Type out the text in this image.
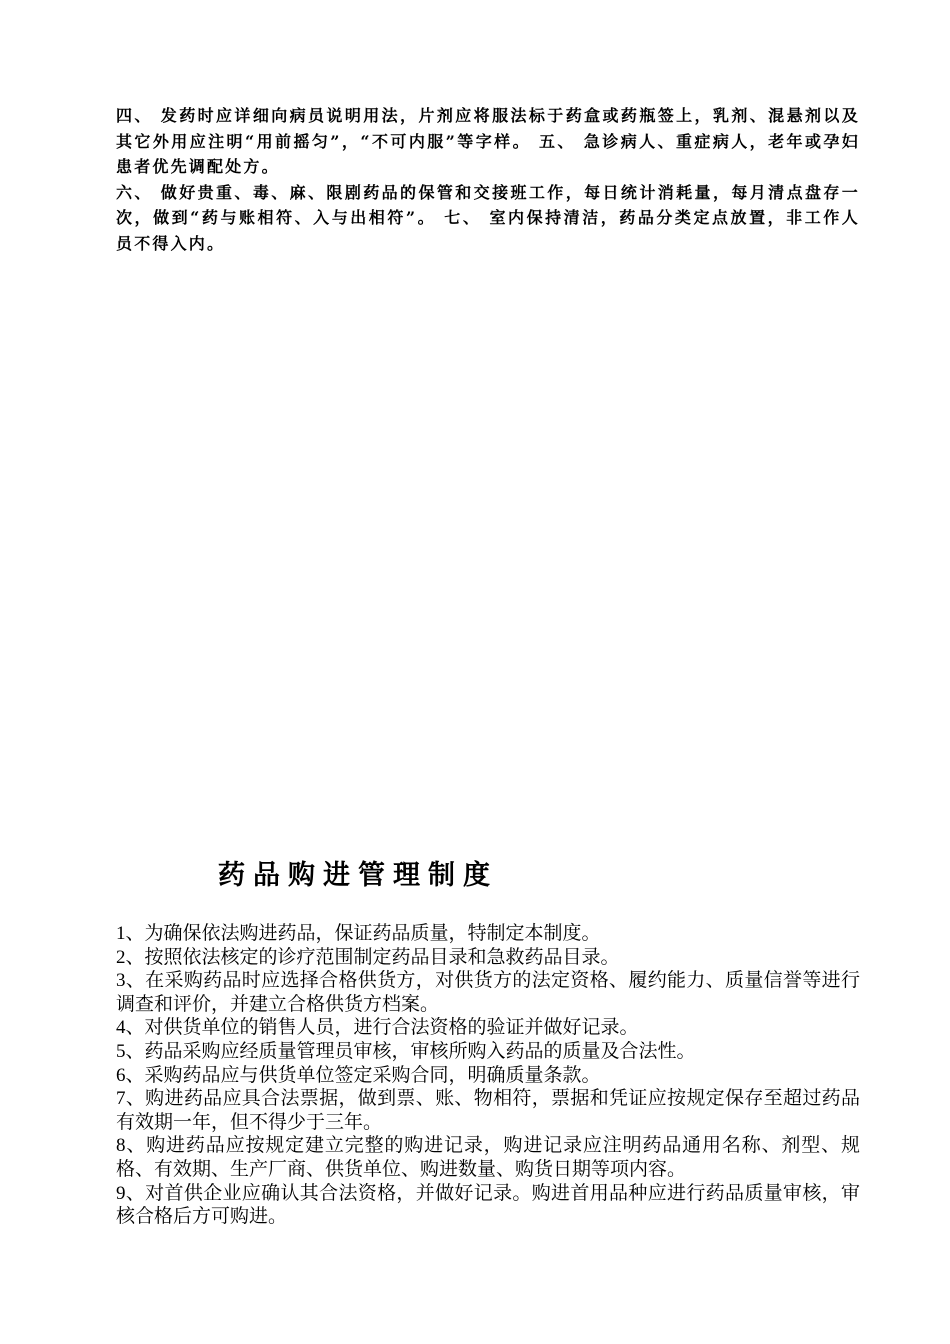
四、 发药时应详细向病员说明用法，片剂应将服法标于药盒或药瓶签上，乳剂、混悬剂以及其它外用应注明“用前摇匀”，“不可内服”等字样。 五、 急诊病人、重症病人，老年或孕妇患者优先调配处方。

六、 做好贵重、毒、麻、限剧药品的保管和交接班工作，每日统计消耗量，每月清点盘存一次，做到“药与账相符、入与出相符”。 七、 室内保持清洁，药品分类定点放置，非工作人员不得入内。

药品购进管理制度
1、为确保依法购进药品，保证药品质量，特制定本制度。
2、按照依法核定的诊疗范围制定药品目录和急救药品目录。
3、在采购药品时应选择合格供货方，对供货方的法定资格、履约能力、质量信誉等进行调查和评价，并建立合格供货方档案。
4、对供货单位的销售人员，进行合法资格的验证并做好记录。
5、药品采购应经质量管理员审核，审核所购入药品的质量及合法性。
6、采购药品应与供货单位签定采购合同，明确质量条款。
7、购进药品应具合法票据，做到票、账、物相符，票据和凭证应按规定保存至超过药品有效期一年，但不得少于三年。
8、购进药品应按规定建立完整的购进记录，购进记录应注明药品通用名称、剂型、规格、有效期、生产厂商、供货单位、购进数量、购货日期等项内容。
9、对首供企业应确认其合法资格，并做好记录。购进首用品种应进行药品质量审核，审核合格后方可购进。
